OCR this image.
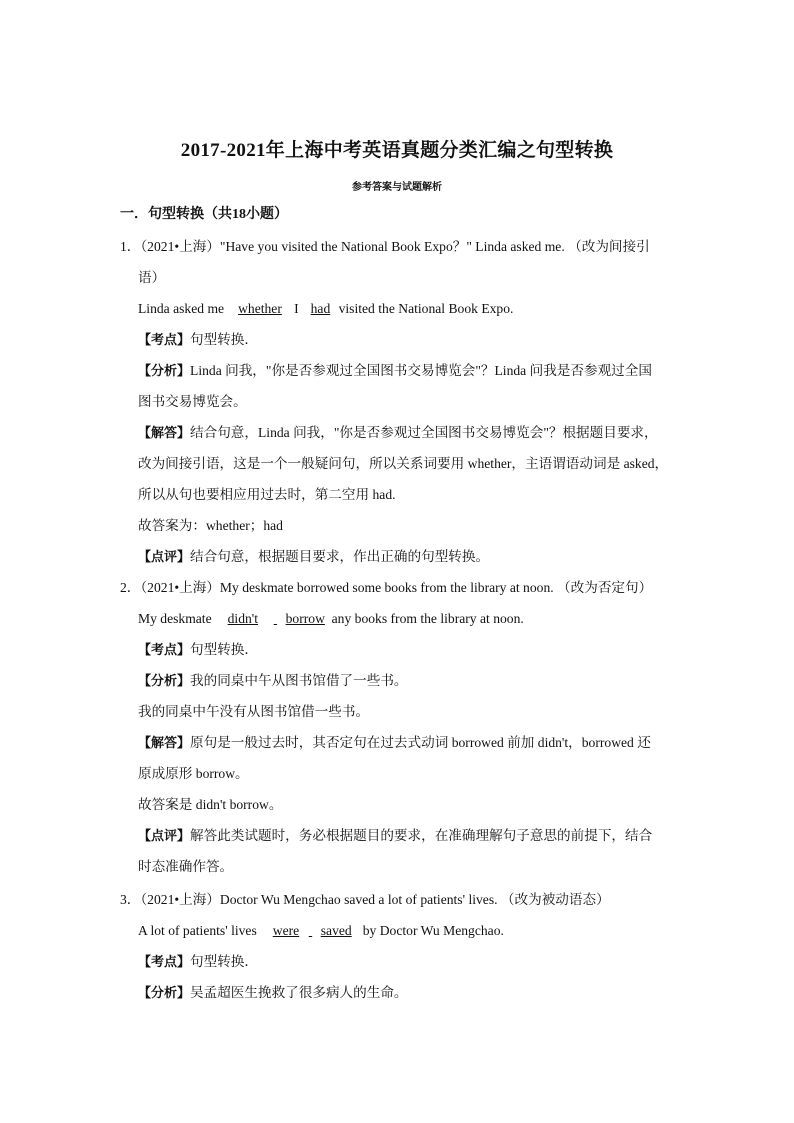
2017-2021年上海中考英语真题分类汇编之句型转换
参考答案与试题解析
一．句型转换（共18小题）
1．（2021•上海）"Have you visited the National Book Expo？" Linda asked me. （改为间接引
语）
Linda asked me whether I had visited the National Book Expo.
【考点】句型转换．
【分析】Linda 问我，"你是否参观过全国图书交易博览会"？Linda 问我是否参观过全国
图书交易博览会。
【解答】结合句意，Linda 问我，"你是否参观过全国图书交易博览会"？根据题目要求，
改为间接引语，这是一个一般疑问句，所以关系词要用 whether，主语谓语动词是 asked，
所以从句也要相应用过去时，第二空用 had.
故答案为：whether；had
【点评】结合句意，根据题目要求，作出正确的句型转换。
2．（2021•上海）My deskmate borrowed some books from the library at noon. （改为否定句）
My deskmate didn't borrow any books from the library at noon.
【考点】句型转换．
【分析】我的同桌中午从图书馆借了一些书。
我的同桌中午没有从图书馆借一些书。
【解答】原句是一般过去时，其否定句在过去式动词 borrowed 前加 didn't，borrowed 还
原成原形 borrow。
故答案是 didn't borrow。
【点评】解答此类试题时，务必根据题目的要求，在准确理解句子意思的前提下，结合
时态准确作答。
3．（2021•上海）Doctor Wu Mengchao saved a lot of patients' lives. （改为被动语态）
A lot of patients' lives were saved by Doctor Wu Mengchao.
【考点】句型转换．
【分析】吴孟超医生挽救了很多病人的生命。
